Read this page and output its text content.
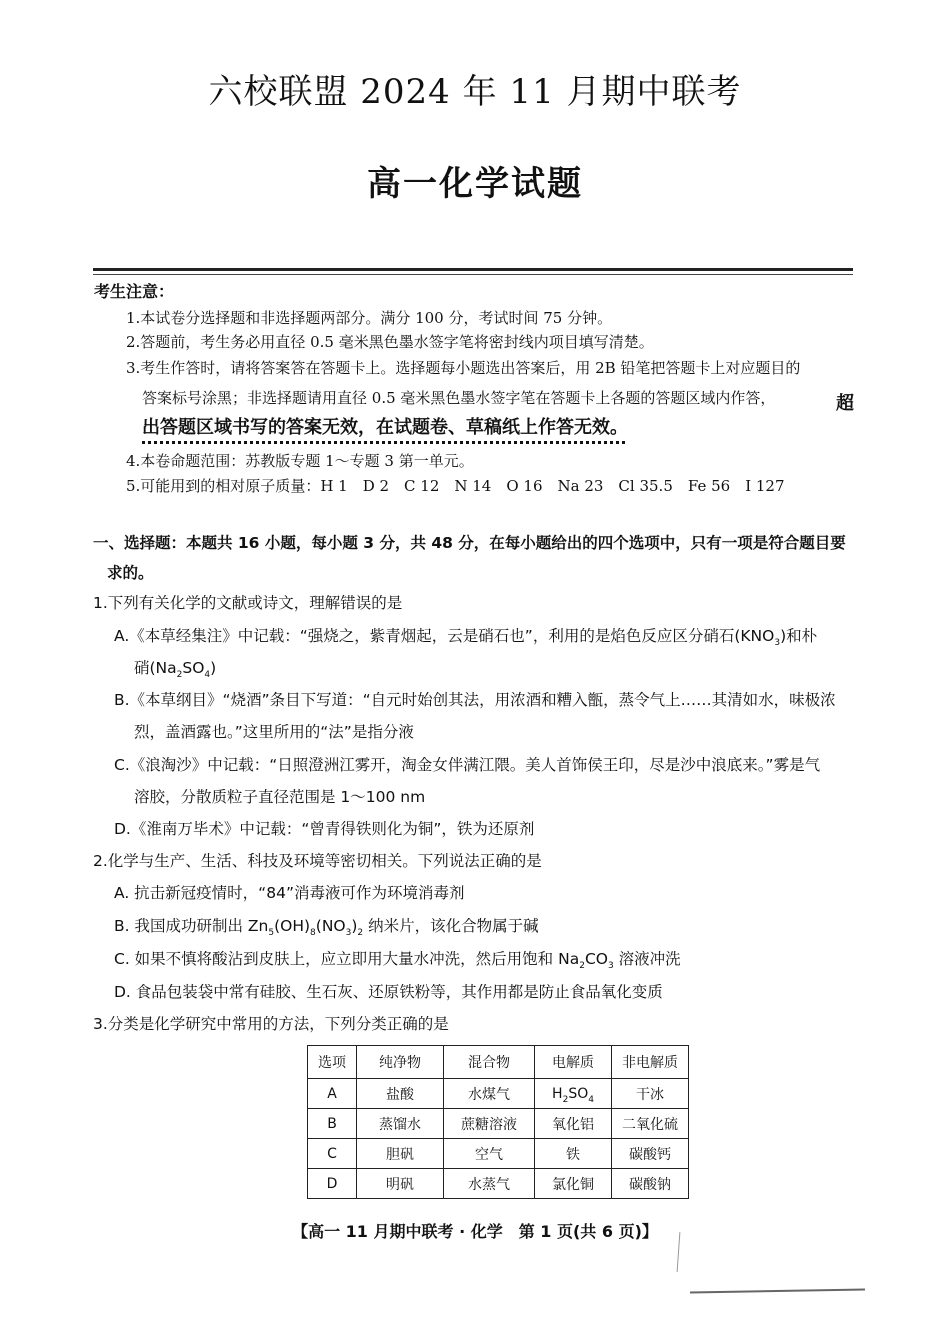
六校联盟 2024 年 11 月期中联考
高一化学试题
考生注意：
1.本试卷分选择题和非选择题两部分。满分 100 分，考试时间 75 分钟。
2.答题前，考生务必用直径 0.5 毫米黑色墨水签字笔将密封线内项目填写清楚。
3.考生作答时，请将答案答在答题卡上。选择题每小题选出答案后，用 2B 铅笔把答题卡上对应题目的
答案标号涂黑；非选择题请用直径 0.5 毫米黑色墨水签字笔在答题卡上各题的答题区域内作答，	超
出答题区域书写的答案无效，在试题卷、草稿纸上作答无效。
4.本卷命题范围：苏教版专题 1～专题 3 第一单元。
5.可能用到的相对原子质量：H 1　D 2　C 12　N 14　O 16　Na 23　Cl 35.5　Fe 56　I 127
一、选择题：本题共 16 小题，每小题 3 分，共 48 分，在每小题给出的四个选项中，只有一项是符合题目要
求的。
1.下列有关化学的文献或诗文，理解错误的是
A.《本草经集注》中记载：“强烧之，紫青烟起，云是硝石也”，利用的是焰色反应区分硝石$(KNO_3)$和朴
硝$(Na_2SO_4)$
B.《本草纲目》“烧酒”条目下写道：“自元时始创其法，用浓酒和糟入甑，蒸令气上……其清如水，味极浓
烈，盖酒露也。”这里所用的“法”是指分液
C.《浪淘沙》中记载：“日照澄洲江雾开，淘金女伴满江隈。美人首饰侯王印，尽是沙中浪底来。”雾是气
溶胶，分散质粒子直径范围是 1～100 nm
D.《淮南万毕术》中记载：“曾青得铁则化为铜”，铁为还原剂
2.化学与生产、生活、科技及环境等密切相关。下列说法正确的是
A. 抗击新冠疫情时，“84”消毒液可作为环境消毒剂
B. 我国成功研制出 $Zn_5(OH)_8(NO_3)_2$ 纳米片，该化合物属于碱
C. 如果不慎将酸沾到皮肤上，应立即用大量水冲洗，然后用饱和 $Na_2CO_3$ 溶液冲洗
D. 食品包装袋中常有硅胶、生石灰、还原铁粉等，其作用都是防止食品氧化变质
3.分类是化学研究中常用的方法，下列分类正确的是
选项	纯净物	混合物	电解质	非电解质
A	盐酸	水煤气	$H_2SO_4$	干冰
B	蒸馏水	蔗糖溶液	氧化铝	二氧化硫
C	胆矾	空气	铁	碳酸钙
D	明矾	水蒸气	氯化铜	碳酸钠
【高一 11 月期中联考 · 化学　第 1 页(共 6 页)】
